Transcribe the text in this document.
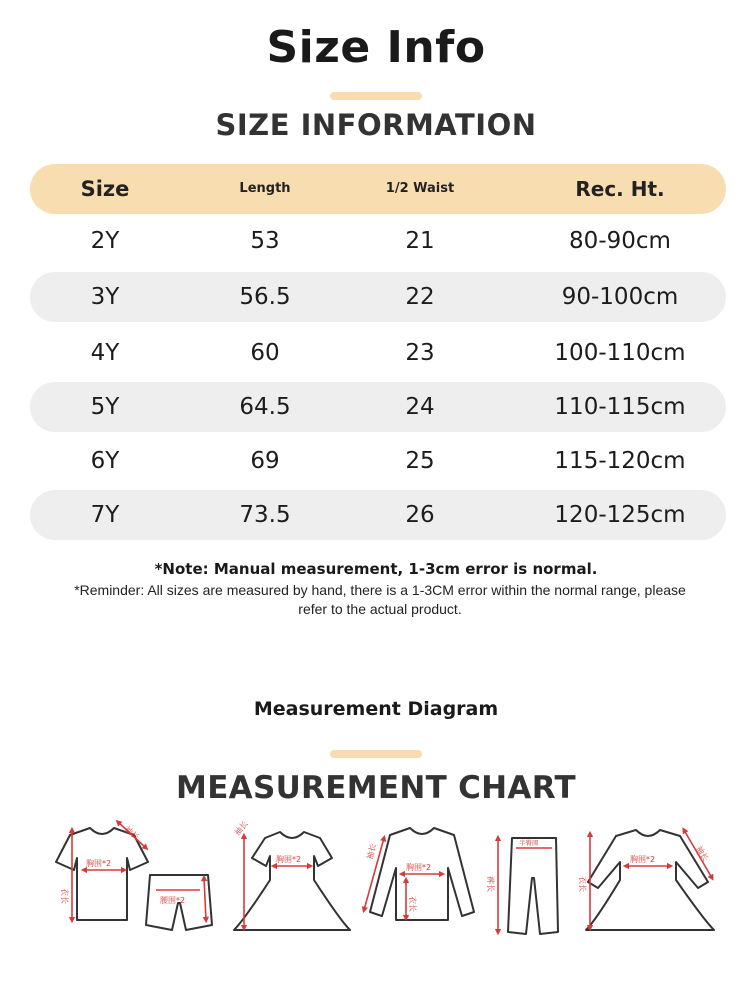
Size Info
SIZE INFORMATION
Size	Length	1/2 Waist	Rec. Ht.
2Y	53	21	80-90cm
3Y	56.5	22	90-100cm
4Y	60	23	100-110cm
5Y	64.5	24	110-115cm
6Y	69	25	115-120cm
7Y	73.5	26	120-125cm
*Note: Manual measurement, 1-3cm error is normal.
*Reminder: All sizes are measured by hand, there is a 1-3CM error within the normal range, please refer to the actual product.
Measurement Diagram
MEASUREMENT CHART
胸围*2
衣长
袖长
腰围*2
胸围*2
袖长
胸围*2
袖长
衣长
裤长
半臀围
胸围*2
衣长
袖长
